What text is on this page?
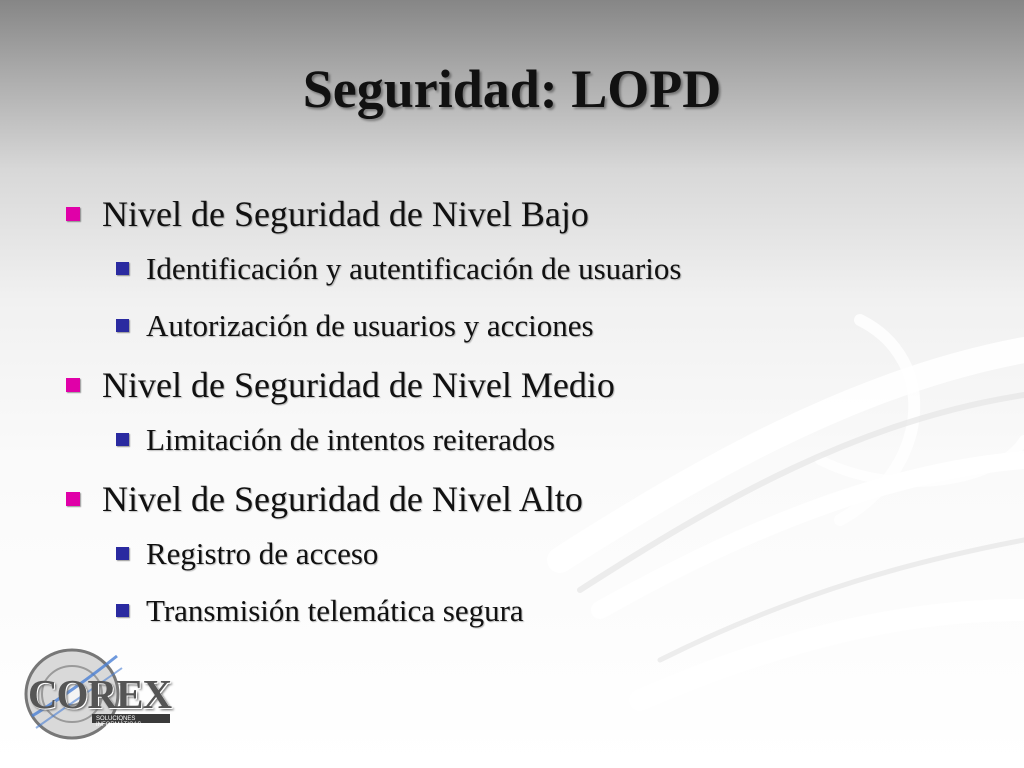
Seguridad: LOPD
Nivel de Seguridad de Nivel Bajo
Identificación y autentificación de usuarios
Autorización de usuarios y acciones
Nivel de Seguridad de Nivel Medio
Limitación de intentos reiterados
Nivel de Seguridad de Nivel Alto
Registro de acceso
Transmisión telemática segura
COREX
SOLUCIONES INFORMÁTICAS
